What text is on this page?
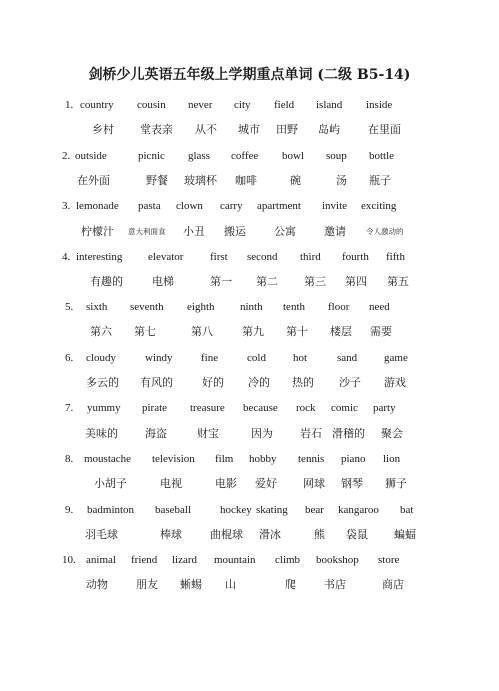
剑桥少儿英语五年级上学期重点单词 (二级 B5-14)
1. country cousin never city field island inside
乡村 堂表亲 从不 城市 田野 岛屿	在里面
2. outside	picnic glass coffee bowl soup bottle
在外面	野餐 玻璃杯 咖啡	碗	汤 瓶子
3. lemonade pasta clown carry apartment invite exciting
柠檬汁 意大利面食 小丑 搬运	公寓	邀请	令人激动的
4. interesting elevator first second third fourth fifth
有趣的	电梯	第一 第二 第三 第四 第五
5. sixth seventh eighth ninth tenth floor need
第六 第七	第八	第九 第十 楼层 需要
6. cloudy	windy	fine	cold hot	sand game
多云的 有风的	好的 冷的 热的 沙子 游戏
7. yummy pirate treasure because rock comic party
美味的 海盗	财宝	因为 岩石 滑稽的 聚会
8. moustache television film hobby tennis piano lion
小胡子	电视	电影 爱好 网球 钢琴 狮子
9. badminton baseball	hockey skating bear kangaroo bat
羽毛球	棒球	曲棍球 滑冰	熊 袋鼠 蝙蝠
10. animal friend lizard mountain climb bookshop store
动物	朋友 蜥蜴 山	爬	书店	商店
